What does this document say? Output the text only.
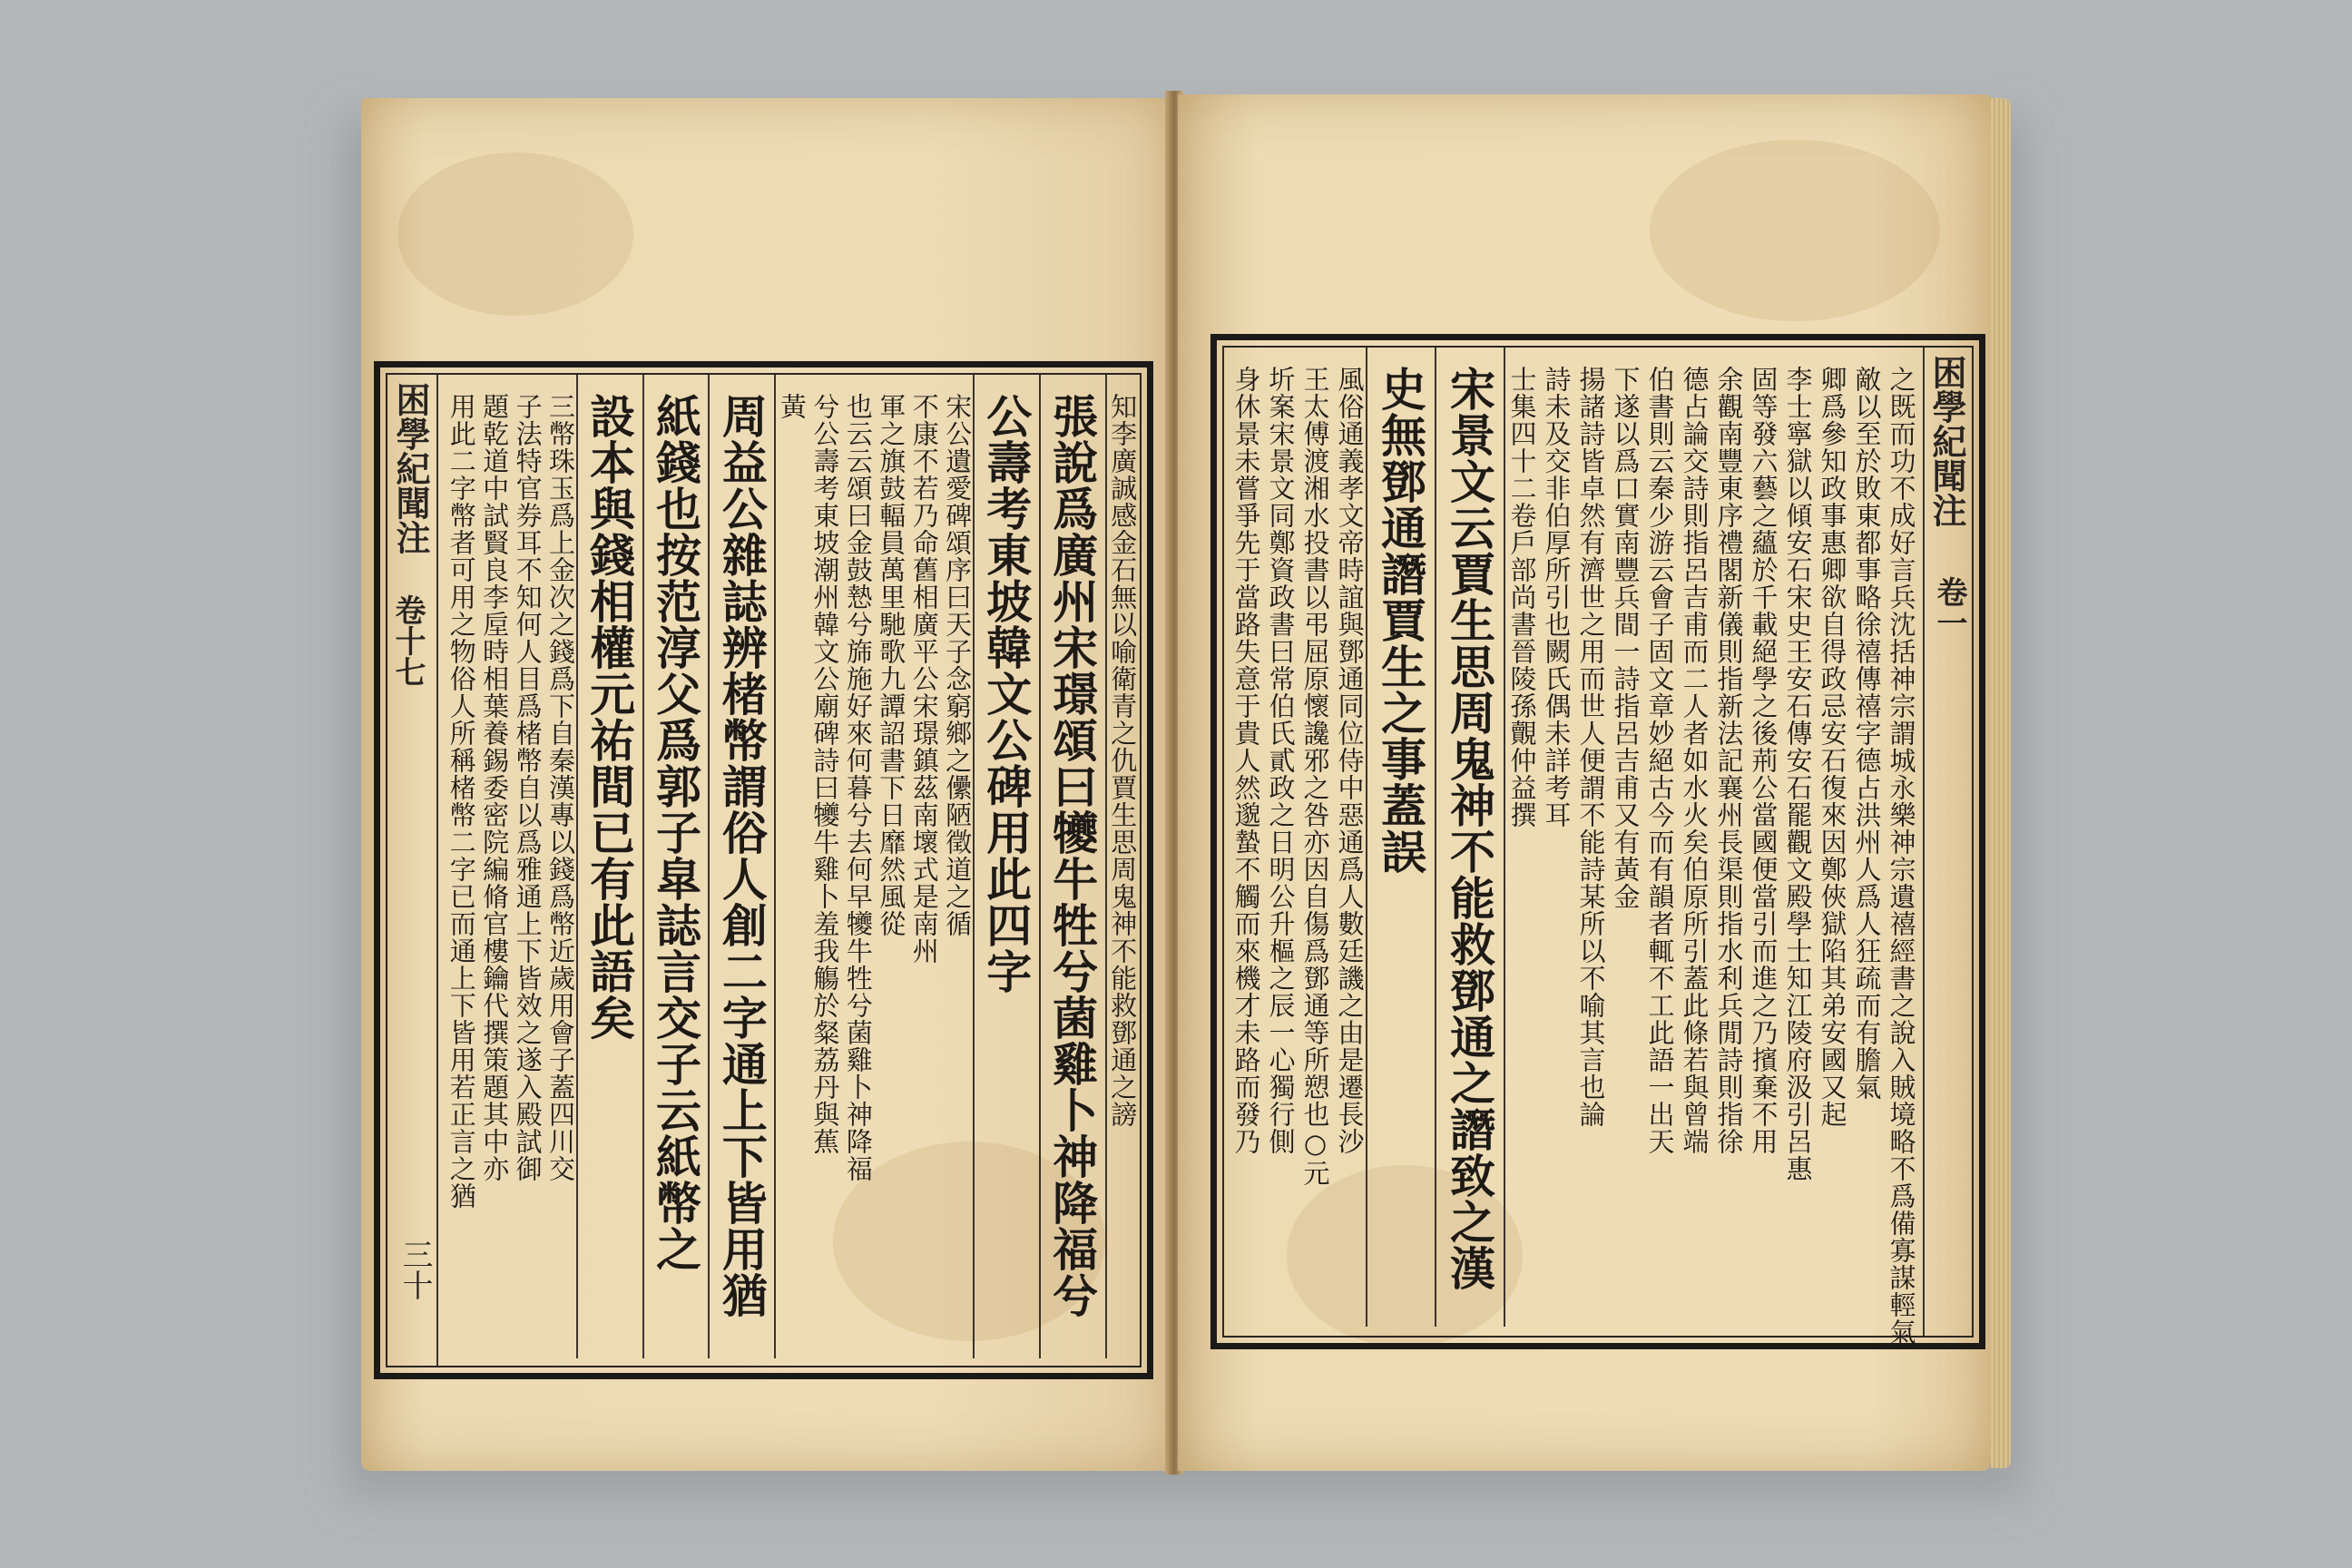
知李廣誠感金石無以喻衛青之仇賈生思周鬼神不能救鄧通之謗
張說爲廣州宋璟頌曰犪牛牲兮菌雞卜神降福兮
公壽考東坡韓文公碑用此四字
宋公遺愛碑頌序曰天子念窮鄉之儽陋徵道之循
不康不若乃命舊相廣平公宋璟鎮茲南壞式是南州
軍之旗鼓輻員萬里馳歌九譚詔書下日靡然風從
也云云頌曰金鼓慹兮旆施好來何暮兮去何早犪牛牲兮菌雞卜神降福
兮公壽考東坡潮州韓文公廟碑詩曰犪牛雞卜羞我觴於粲荔丹與蕉
黃
周益公雜誌辨楮幣謂俗人創二字通上下皆用猶
紙錢也按范淳父爲郭子皐誌言交子云紙幣之
設本與錢相權元祐間已有此語矣
三幣珠玉爲上金次之錢爲下自秦漢專以錢爲幣近歲用會子蓋四川交
子法特官券耳不知何人目爲楮幣自以爲雅通上下皆效之遂入殿試御
題乾道中試賢良李垕時相葉養錫委密院編脩官樓鑰代撰策題其中亦
用此二字幣者可用之物俗人所稱楮幣二字已而通上下皆用若正言之猶
困學紀聞注
卷十七
三十	之既而功不成好言兵沈括神宗謂城永樂神宗遺禧經書之說入賊境略不爲備寡謀輕氣
敵以至於敗東都事略徐禧傳禧字德占洪州人爲人狂疏而有膽氣
卿爲參知政事惠卿欲自得政忌安石復來因鄭俠獄陷其弟安國又起
李士寧獄以傾安石宋史王安石傳安石罷觀文殿學士知江陵府汲引呂惠
固等發六藝之蘊於千載絕學之後荊公當國便當引而進之乃擯棄不用
余觀南豐東序禮閣新儀則指新法記襄州長渠則指水利兵閒詩則指徐
德占論交詩則指呂吉甫而二人者如水火矣伯原所引蓋此條若與曾端
伯書則云秦少游云會子固文章妙絕古今而有韻者輒不工此語一出天
下遂以爲口實南豐兵間一詩指呂吉甫又有黃金
揚諸詩皆卓然有濟世之用而世人便謂不能詩某所以不喻其言也論
詩未及交非伯厚所引也闕氏偶未詳考耳
士集四十二卷戶部尚書晉陵孫覿仲益撰
宋景文云賈生思周鬼神不能救鄧通之譖致之漢
史無鄧通譖賈生之事蓋誤
風俗通義孝文帝時誼與鄧通同位侍中惡通爲人數廷譏之由是遷長沙
王太傅渡湘水投書以弔屈原懷讒邪之咎亦因自傷爲鄧通等所愬也○元
圻案宋景文同鄭資政書曰常伯氏貳政之日明公升樞之辰一心獨行側
身休景未嘗爭先于當路失意于貴人然邈蟄不觸而來機才未路而發乃	困學紀聞注
卷一
